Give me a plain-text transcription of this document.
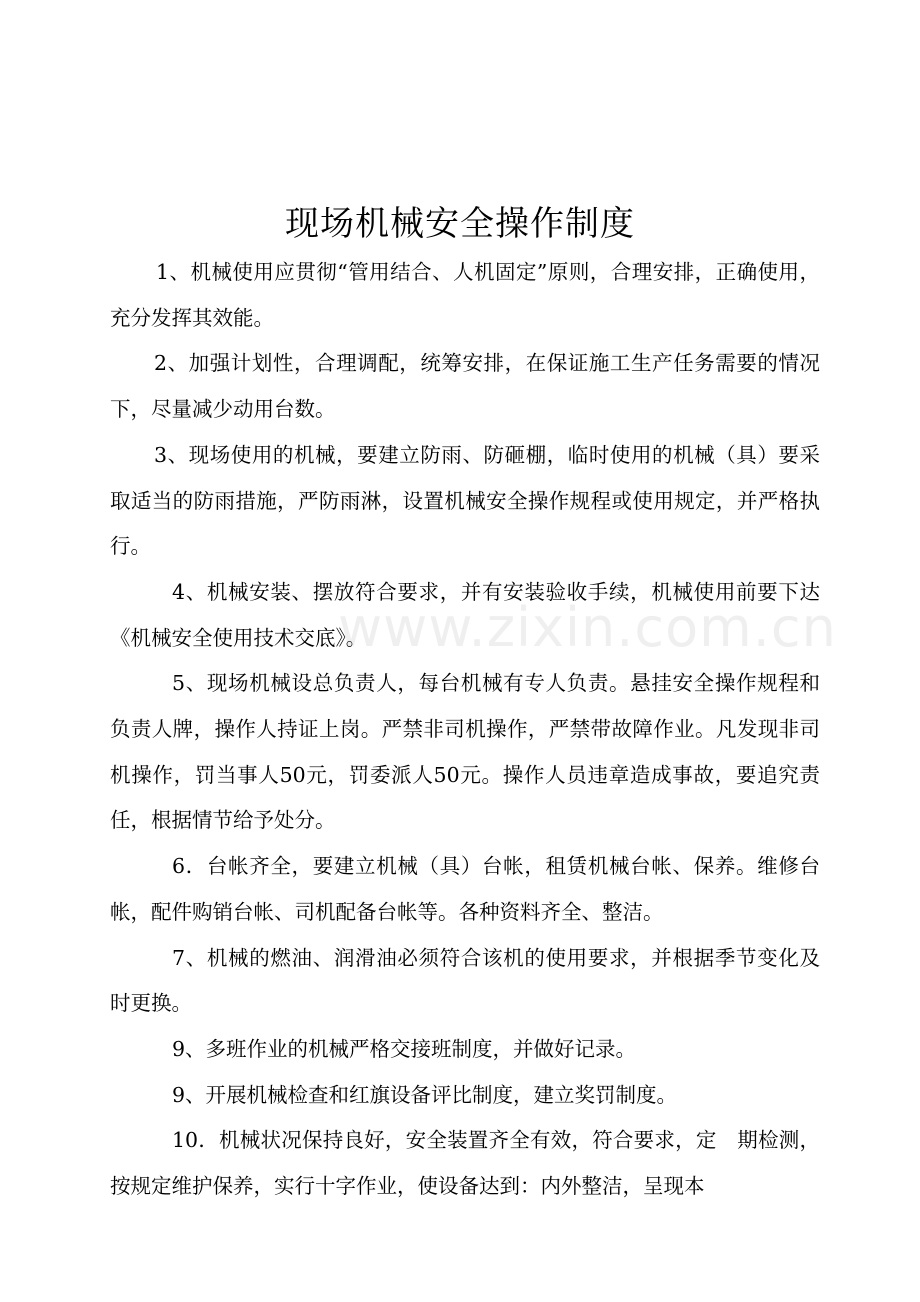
现场机械安全操作制度

1、机械使用应贯彻“管用结合、人机固定”原则，合理安排，正确使用，充分发挥其效能。

2、加强计划性，合理调配，统筹安排，在保证施工生产任务需要的情况下，尽量减少动用台数。

3、现场使用的机械，要建立防雨、防砸棚，临时使用的机械（具）要采取适当的防雨措施，严防雨淋，设置机械安全操作规程或使用规定，并严格执行。

4、机械安装、摆放符合要求，并有安装验收手续，机械使用前要下达《机械安全使用技术交底》。

5、现场机械设总负责人，每台机械有专人负责。悬挂安全操作规程和负责人牌，操作人持证上岗。严禁非司机操作，严禁带故障作业。凡发现非司机操作，罚当事人50元，罚委派人50元。操作人员违章造成事故，要追究责任，根据情节给予处分。

6．台帐齐全，要建立机械（具）台帐，租赁机械台帐、保养。维修台帐，配件购销台帐、司机配备台帐等。各种资料齐全、整洁。

7、机械的燃油、润滑油必须符合该机的使用要求，并根据季节变化及时更换。

9、多班作业的机械严格交接班制度，并做好记录。

9、开展机械检查和红旗设备评比制度，建立奖罚制度。

10．机械状况保持良好，安全装置齐全有效，符合要求，定　期检测，按规定维护保养，实行十字作业，使设备达到：内外整洁，呈现本

www.zixin.com.cn
